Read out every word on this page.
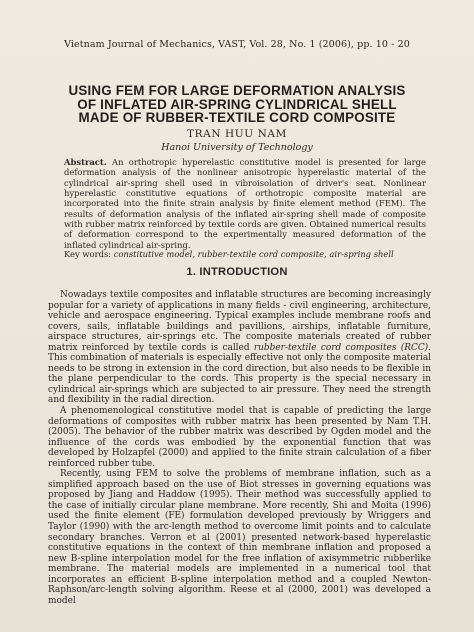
Vietnam Journal of Mechanics, VAST, Vol. 28, No. 1 (2006), pp. 10 - 20
USING FEM FOR LARGE DEFORMATION ANALYSIS
OF INFLATED AIR-SPRING CYLINDRICAL SHELL
MADE OF RUBBER-TEXTILE CORD COMPOSITE
TRAN HUU NAM
Hanoi University of Technology

Abstract. An orthotropic hyperelastic constitutive model is presented for large deformation analysis of the nonlinear anisotropic hyperelastic material of the cylindrical air-spring shell used in vibroisolation of driver's seat. Nonlinear hyperelastic constitutive equations of orthotropic composite material are incorporated into the finite strain analysis by finite element method (FEM). The results of deformation analysis of the inflated air-spring shell made of composite with rubber matrix reinforced by textile cords are given. Obtained numerical results of deformation correspond to the experimentally measured deformation of the inflated cylindrical air-spring.

Key words: constitutive model, rubber-textile cord composite, air-spring shell
1. INTRODUCTION

Nowadays textile composites and inflatable structures are becoming increasingly popular for a variety of applications in many fields - civil engineering, architecture, vehicle and aerospace engineering. Typical examples include membrane roofs and covers, sails, inflatable buildings and pavillions, airships, inflatable furniture, airspace structures, air-springs etc. The composite materials created of rubber matrix reinforced by textile cords is called rubber-textile cord composites (RCC). This combination of materials is especially effective not only the composite material needs to be strong in extension in the cord direction, but also needs to be flexible in the plane perpendicular to the cords. This property is the special necessary in cylindrical air-springs which are subjected to air pressure. They need the strength and flexibility in the radial direction.

A phenomenological constitutive model that is capable of predicting the large deformations of composites with rubber matrix has been presented by Nam T.H. (2005). The behavior of the rubber matrix was described by Ogden model and the influence of the cords was embodied by the exponential function that was developed by Holzapfel (2000) and applied to the finite strain calculation of a fiber reinforced rubber tube.

Recently, using FEM to solve the problems of membrane inflation, such as a simplified approach based on the use of Biot stresses in governing equations was proposed by Jiang and Haddow (1995). Their method was successfully applied to the case of initially circular plane membrane. More recently, Shi and Moita (1996) used the finite element (FE) formulation developed previously by Wriggers and Taylor (1990) with the arc-length method to overcome limit points and to calculate secondary branches. Verron et al (2001) presented network-based hyperelastic constitutive equations in the context of thin membrane inflation and proposed a new B-spline interpolation model for the free inflation of axisymmetric rubberlike membrane. The material models are implemented in a numerical tool that incorporates an efficient B-spline interpolation method and a coupled Newton-Raphson/arc-length solving algorithm. Reese et al (2000, 2001) was developed a model
